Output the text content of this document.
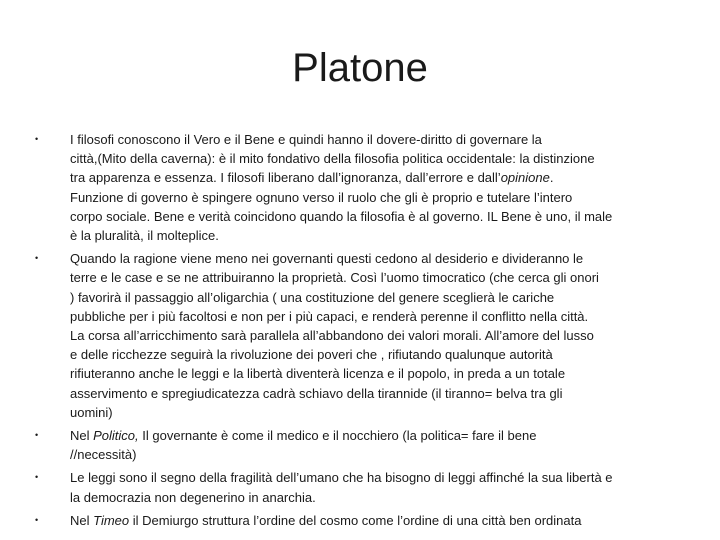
Platone
• I filosofi conoscono il Vero e il Bene e quindi hanno il dovere-diritto di governare la
città,(Mito della caverna): è il mito fondativo della filosofia politica occidentale: la distinzione
tra apparenza e essenza. I filosofi liberano dall’ignoranza, dall’errore e dall’opinione.
Funzione di governo è spingere ognuno verso il ruolo che gli è proprio e tutelare l’intero
corpo sociale. Bene e verità coincidono quando la filosofia è al governo. IL Bene è uno, il male
è la pluralità, il molteplice.
• Quando la ragione viene meno nei governanti questi cedono al desiderio e divideranno le
terre e le case e se ne attribuiranno la proprietà. Così l’uomo timocratico (che cerca gli onori
) favorirà il passaggio all’oligarchia ( una costituzione del genere sceglierà le cariche
pubbliche per i più facoltosi e non per i più capaci, e renderà perenne il conflitto nella città.
La corsa all’arricchimento sarà parallela all’abbandono dei valori morali. All’amore del lusso
e delle ricchezze seguirà la rivoluzione dei poveri che , rifiutando qualunque autorità
rifiuteranno anche le leggi e la libertà diventerà licenza e il popolo, in preda a un totale
asservimento e spregiudicatezza cadrà schiavo della tirannide (il tiranno= belva tra gli
uomini)
• Nel Politico, Il governante è come il medico e il nocchiero (la politica= fare il bene
//necessità)
• Le leggi sono il segno della fragilità dell’umano che ha bisogno di leggi affinché la sua libertà e
la democrazia non degenerino in anarchia.
• Nel Timeo il Demiurgo struttura l’ordine del cosmo come l’ordine di una città ben ordinata
